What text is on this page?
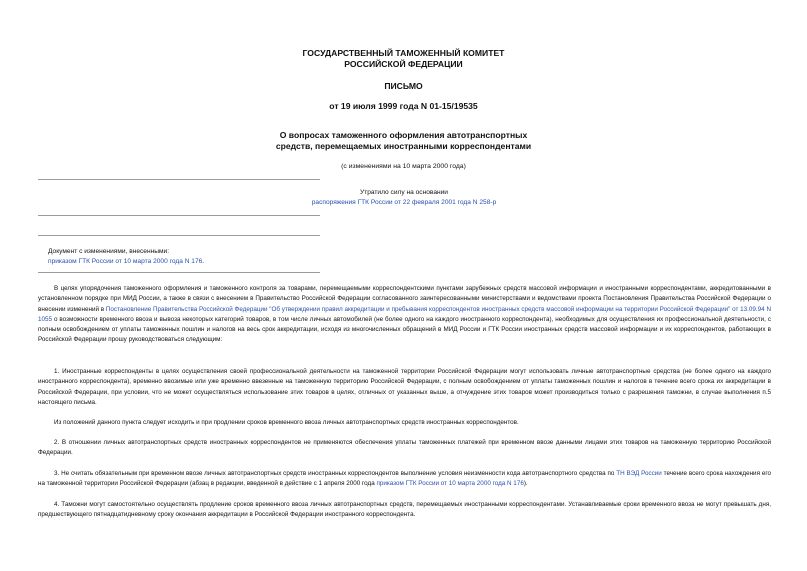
ГОСУДАРСТВЕННЫЙ ТАМОЖЕННЫЙ КОМИТЕТ

РОССИЙСКОЙ ФЕДЕРАЦИИ

ПИСЬМО

от 19 июля 1999 года N 01-15/19535

О вопросах таможенного оформления автотранспортных

средств, перемещаемых иностранными корреспондентами

(с изменениями на 10 марта 2000 года)

Утратило силу на основании
распоряжения ГТК России от 22 февраля 2001 года N 258-р
Документ с изменениями, внесенными:
приказом ГТК России от 10 марта 2000 года N 176.

В целях упорядочения таможенного оформления и таможенного контроля за товарами, перемещаемыми корреспондентскими пунктами зарубежных средств массовой информации и иностранными корреспондентами, аккредитованными в установленном порядке при МИД России, а также в связи с внесением в Правительство Российской Федерации согласованного заинтересованными министерствами и ведомствами проекта Постановления Правительства Российской Федерации о внесении изменений в Постановление Правительства Российской Федерации "Об утверждении правил аккредитации и пребывания корреспондентов иностранных средств массовой информации на территории Российской Федерации" от 13.09.94 N 1055 о возможности временного ввоза и вывоза некоторых категорий товаров, в том числе личных автомобилей (не более одного на каждого иностранного корреспондента), необходимых для осуществления их профессиональной деятельности, с полным освобождением от уплаты таможенных пошлин и налогов на весь срок аккредитации, исходя из многочисленных обращений в МИД России и ГТК России иностранных средств массовой информации и их корреспондентов, работающих в Российской Федерации прошу руководствоваться следующим:

1. Иностранные корреспонденты в целях осуществления своей профессиональной деятельности на таможенной территории Российской Федерации могут использовать личные автотранспортные средства (не более одного на каждого иностранного корреспондента), временно ввозимые или уже временно ввезенные на таможенную территорию Российской Федерации, с полным освобождением от уплаты таможенных пошлин и налогов в течение всего срока их аккредитации в Российской Федерации, при условии, что не может осуществляться использование этих товаров в целях, отличных от указанных выше, а отчуждение этих товаров может производиться только с разрешения таможни, в случае выполнения п.5 настоящего письма.

Из положений данного пункта следует исходить и при продлении сроков временного ввоза личных автотранспортных средств иностранных корреспондентов.

2. В отношении личных автотранспортных средств иностранных корреспондентов не применяются обеспечения уплаты таможенных платежей при временном ввозе данными лицами этих товаров на таможенную территорию Российской Федерации.

3. Не считать обязательным при временном ввозе личных автотранспортных средств иностранных корреспондентов выполнение условия неизменности кода автотранспортного средства по ТН ВЭД России течение всего срока нахождения его на таможенной территории Российской Федерации (абзац в редакции, введенной в действие с 1 апреля 2000 года приказом ГТК России от 10 марта 2000 года N 176).

4. Таможни могут самостоятельно осуществлять продление сроков временного ввоза личных автотранспортных средств, перемещаемых иностранными корреспондентами. Устанавливаемые сроки временного ввоза не могут превышать дня, предшествующего пятнадцатидневному сроку окончания аккредитации в Российской Федерации иностранного корреспондента.
